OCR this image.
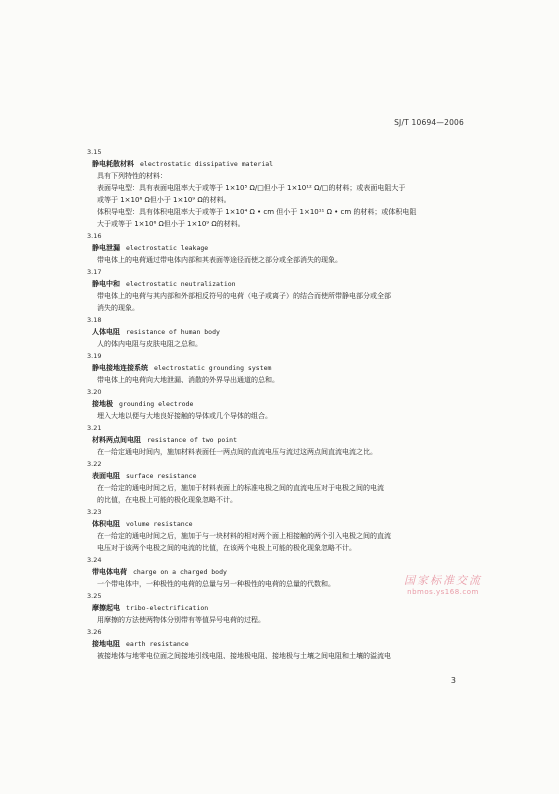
SJ/T 10694—2006
3.15
静电耗散材料 electrostatic dissipative material
具有下列特性的材料：
表面导电型：具有表面电阻率大于或等于 1×10⁵ Ω/□但小于 1×10¹² Ω/□的材料；或表面电阻大于
或等于 1×10⁶ Ω但小于 1×10⁹ Ω的材料。
体积导电型：具有体积电阻率大于或等于 1×10⁴ Ω • cm 但小于 1×10¹¹ Ω • cm 的材料；或体积电阻
大于或等于 1×10⁶ Ω但小于 1×10⁹ Ω的材料。
3.16
静电泄漏 electrostatic leakage
带电体上的电荷通过带电体内部和其表面等途径而使之部分或全部消失的现象。
3.17
静电中和 electrostatic neutralization
带电体上的电荷与其内部和外部相反符号的电荷（电子或离子）的结合而使所带静电部分或全部
消失的现象。
3.18
人体电阻 resistance of human body
人的体内电阻与皮肤电阻之总和。
3.19
静电接地连接系统 electrostatic grounding system
带电体上的电荷向大地泄漏、消散的外界导出通道的总和。
3.20
接地极 grounding electrode
埋入大地以便与大地良好接触的导体或几个导体的组合。
3.21
材料两点间电阻 resistance of two point
在一给定通电时间内，施加材料表面任一两点间的直流电压与流过这两点间直流电流之比。
3.22
表面电阻 surface resistance
在一给定的通电时间之后，施加于材料表面上的标准电极之间的直流电压对于电极之间的电流
的比值，在电极上可能的极化现象忽略不计。
3.23
体积电阻 volume resistance
在一给定的通电时间之后，施加于与一块材料的相对两个面上相接触的两个引入电极之间的直流
电压对于该两个电极之间的电流的比值，在该两个电极上可能的极化现象忽略不计。
3.24
带电体电荷 charge on a charged body
一个带电体中，一种极性的电荷的总量与另一种极性的电荷的总量的代数和。
3.25
摩擦起电 tribo-electrification
用摩擦的方法使两物体分别带有等值异号电荷的过程。
3.26
接地电阻 earth resistance
被接地体与地零电位面之间接地引线电阻、接地极电阻、接地极与土壤之间电阻和土壤的溢流电
国家标准交流
nbmos.ys168.com
3
